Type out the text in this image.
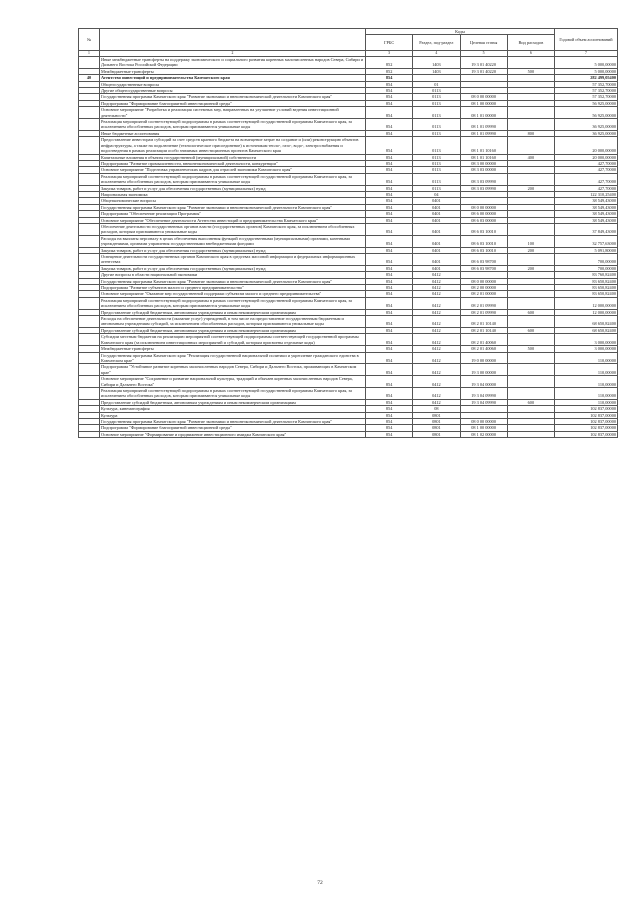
№		Коды				Годовой объем ассигнований
		ГРБС	Раздел, под-раздел	Целевая статья	Вид расходов	
1	2	3	4	5	6	7
	Иные межбюджетные трансферты на поддержку экономического и социального развития коренных малочисленных народов Севера, Сибири и Дальнего Востока Российской Федерации	852	1403	19 3 01 40220		5 000,00000
	Межбюджетные трансферты	852	1403	19 3 01 40220	500	5 000,00000
40	Агентство инвестиций и предпринимательства Камчатского края	854				282 499,05400
	Общегосударственные вопросы	854	01			57 352,70000
	Другие общегосударственные вопросы	854	0113			57 352,70000
	Государственная программа Камчатского края "Развитие экономики и внешнеэкономической деятельности Камчатского края"	854	0113	08 0 00 00000		57 352,70000
	Подпрограмма "Формирование благоприятной инвестиционной среды"	854	0113	08 1 00 00000		56 925,00000
	Основное мероприятие "Разработка и реализация системных мер, направленных на улучшение условий ведения инвестиционной деятельности"	854	0113	08 1 01 00000		56 925,00000
	Реализация мероприятий соответствующей подпрограммы в рамках соответствующей государственной программы Камчатского края, за исключением обособленных расходов, которым присваиваются уникальные коды	854	0113	08 1 01 09990		36 925,00000
	Иные бюджетные ассигнования	854	0113	08 1 01 09990	800	36 925,00000
	Предоставление инвесторам субсидий за счет средств краевого бюджета на возмещение затрат на создание и (или) реконструкцию объектов инфраструктуры, а также на подключение (технологическое присоединение) к источникам тепло-, газо-, водо-, электроснабжения и водоотведения в рамках реализации особо значимых инвестиционных проектов Камчатского края	854	0113	08 1 01 10160		20 000,00000
	Капитальные вложения в объекты государственной (муниципальной) собственности	854	0113	08 1 01 10160	400	20 000,00000
	Подпрограмма "Развитие промышленности, внешнеэкономической деятельности, конкуренции"	854	0113	08 3 00 00000		427,70000
	Основное мероприятие "Подготовка управленческих кадров для отраслей экономики Камчатского края"	854	0113	08 3 03 00000		427,70000
	Реализация мероприятий соответствующей подпрограммы в рамках соответствующей государственной программы Камчатского края, за исключением обособленных расходов, которым присваиваются уникальные коды	854	0113	08 3 03 09990		427,70000
	Закупка товаров, работ и услуг для обеспечения государственных (муниципальных) нужд	854	0113	08 3 03 09990	200	427,70000
	Национальная экономика	854	04			122 310,25400
	Общеэкономические вопросы	854	0401			38 549,43000
	Государственная программа Камчатского края "Развитие экономики и внешнеэкономической деятельности Камчатского края"	854	0401	08 0 00 00000		38 549,43000
	Подпрограмма "Обеспечение реализации Программы"	854	0401	08 6 00 00000		38 549,43000
	Основное мероприятие "Обеспечение деятельности Агентства инвестиций и предпринимательства Камчатского края"	854	0401	08 6 03 00000		38 549,43000
	Обеспечение деятельности государственных органов власти (государственных органов) Камчатского края, за исключением обособленных расходов, которым присваиваются уникальные коды	854	0401	08 6 03 10010		37 849,43000
	Расходы на выплаты персоналу в целях обеспечения выполнения функций государственными (муниципальными) органами, казенными учреждениями, органами управления государственными внебюджетными фондами	854	0401	08 6 03 10010	100	32 757,63000
	Закупка товаров, работ и услуг для обеспечения государственных (муниципальных) нужд	854	0401	08 6 03 10010	200	5 091,80000
	Освещение деятельности государственных органов Камчатского края в средствах массовой информации и федеральных информационных агентствах	854	0401	08 6 03 98700		700,00000
	Закупка товаров, работ и услуг для обеспечения государственных (муниципальных) нужд	854	0401	08 6 03 98700	200	700,00000
	Другие вопросы в области национальной экономики	854	0412			83 760,82400
	Государственная программа Камчатского края "Развитие экономики и внешнеэкономической деятельности Камчатского края"	854	0412	08 0 00 00000		83 650,82400
	Подпрограмма "Развитие субъектов малого и среднего предпринимательства"	854	0412	08 2 00 00000		83 650,82400
	Основное мероприятие "Оказание мер государственной поддержки субъектам малого и среднего предпринимательства"	854	0412	08 2 01 00000		83 650,82400
	Реализация мероприятий соответствующей подпрограммы в рамках соответствующей государственной программы Камчатского края, за исключением обособленных расходов, которым присваиваются уникальные коды	854	0412	08 2 01 09990		12 000,00000
	Предоставление субсидий бюджетным, автономным учреждениям и иным некоммерческим организациям	854	0412	08 2 01 09990	600	12 000,00000
	Расходы на обеспечение деятельности (оказание услуг) учреждений, в том числе на предоставление государственным бюджетным и автономным учреждениям субсидий, за исключением обособленных расходов, которым присваиваются уникальные коды	854	0412	08 2 01 10140		68 650,82400
	Предоставление субсидий бюджетным, автономным учреждениям и иным некоммерческим организациям	854	0412	08 2 01 10140	600	68 650,82400
	Субсидии местным бюджетам на реализацию мероприятий соответствующей подпрограммы соответствующей государственной программы Камчатского края (за исключением инвестиционных мероприятий и субсидий, которым присвоены отдельные коды)	854	0412	08 2 01 40060		3 000,00000
	Межбюджетные трансферты	854	0412	08 2 01 40060	500	3 000,00000
	Государственная программа Камчатского края "Реализация государственной национальной политики и укрепление гражданского единства в Камчатском крае"	854	0412	19 0 00 00000		110,00000
	Подпрограмма "Устойчивое развитие коренных малочисленных народов Севера, Сибири и Дальнего Востока, проживающих в Камчатском крае"	854	0412	19 3 00 00000		110,00000
	Основное мероприятие "Сохранение и развитие национальной культуры, традиций и обычаев коренных малочисленных народов Севера, Сибири и Дальнего Востока"	854	0412	19 3 04 00000		110,00000
	Реализация мероприятий соответствующей подпрограммы в рамках соответствующей государственной программы Камчатского края, за исключением обособленных расходов, которым присваиваются уникальные коды	854	0412	19 3 04 09990		110,00000
	Предоставление субсидий бюджетным, автономным учреждениям и иным некоммерческим организациям	854	0412	19 3 04 09990	600	110,00000
	Культура, кинематография	854	08			102 837,00000
	Культура	854	0801			102 837,00000
	Государственная программа Камчатского края "Развитие экономики и внешнеэкономической деятельности Камчатского края"	854	0801	08 0 00 00000		102 837,00000
	Подпрограмма "Формирование благоприятной инвестиционной среды"	854	0801	08 1 00 00000		102 837,00000
	Основное мероприятие "Формирование и продвижение инвестиционного имиджа Камчатского края"	854	0801	08 1 02 00000		102 837,00000
72
